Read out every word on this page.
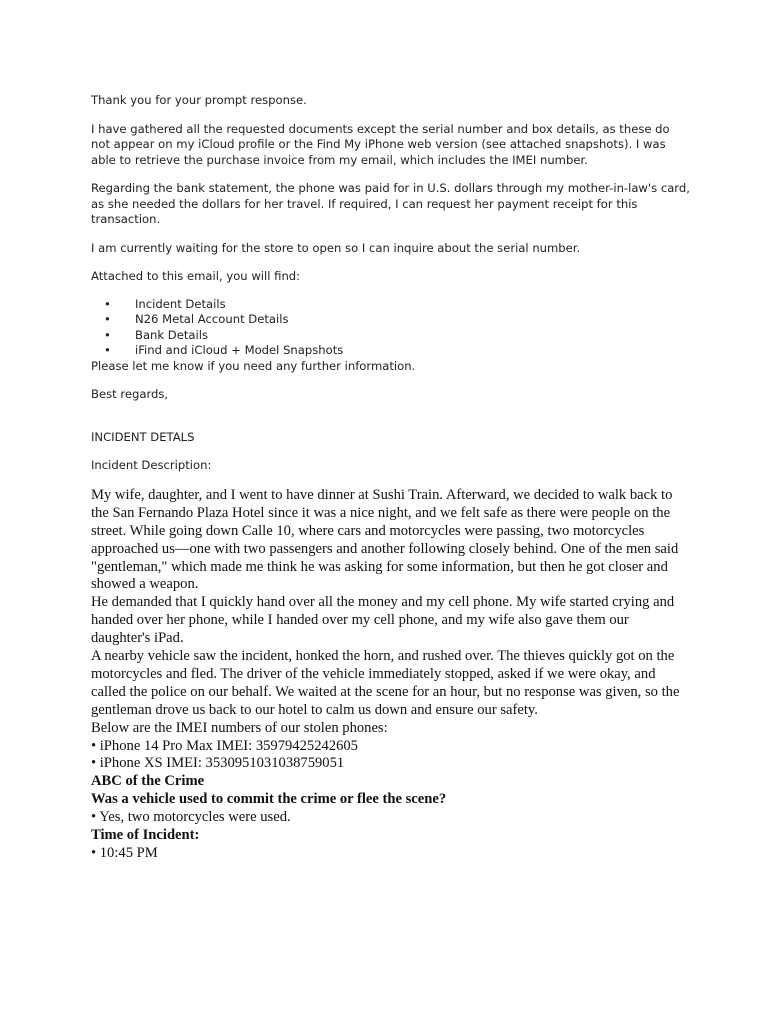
Thank you for your prompt response.

I have gathered all the requested documents except the serial number and box details, as these do not appear on my iCloud profile or the Find My iPhone web version (see attached snapshots). I was able to retrieve the purchase invoice from my email, which includes the IMEI number.

Regarding the bank statement, the phone was paid for in U.S. dollars through my mother-in-law's card, as she needed the dollars for her travel. If required, I can request her payment receipt for this transaction.

I am currently waiting for the store to open so I can inquire about the serial number.

Attached to this email, you will find:

• Incident Details
• N26 Metal Account Details
• Bank Details
• iFind and iCloud + Model Snapshots

Please let me know if you need any further information.

Best regards,

INCIDENT DETALS

Incident Description:

My wife, daughter, and I went to have dinner at Sushi Train. Afterward, we decided to walk back to the San Fernando Plaza Hotel since it was a nice night, and we felt safe as there were people on the street. While going down Calle 10, where cars and motorcycles were passing, two motorcycles approached us—one with two passengers and another following closely behind. One of the men said "gentleman," which made me think he was asking for some information, but then he got closer and showed a weapon.

He demanded that I quickly hand over all the money and my cell phone. My wife started crying and handed over her phone, while I handed over my cell phone, and my wife also gave them our daughter's iPad.

A nearby vehicle saw the incident, honked the horn, and rushed over. The thieves quickly got on the motorcycles and fled. The driver of the vehicle immediately stopped, asked if we were okay, and called the police on our behalf. We waited at the scene for an hour, but no response was given, so the gentleman drove us back to our hotel to calm us down and ensure our safety.

Below are the IMEI numbers of our stolen phones:

• iPhone 14 Pro Max IMEI: 35979425242605

• iPhone XS IMEI: 3530951031038759051

ABC of the Crime

Was a vehicle used to commit the crime or flee the scene?

• Yes, two motorcycles were used.

Time of Incident:

• 10:45 PM
